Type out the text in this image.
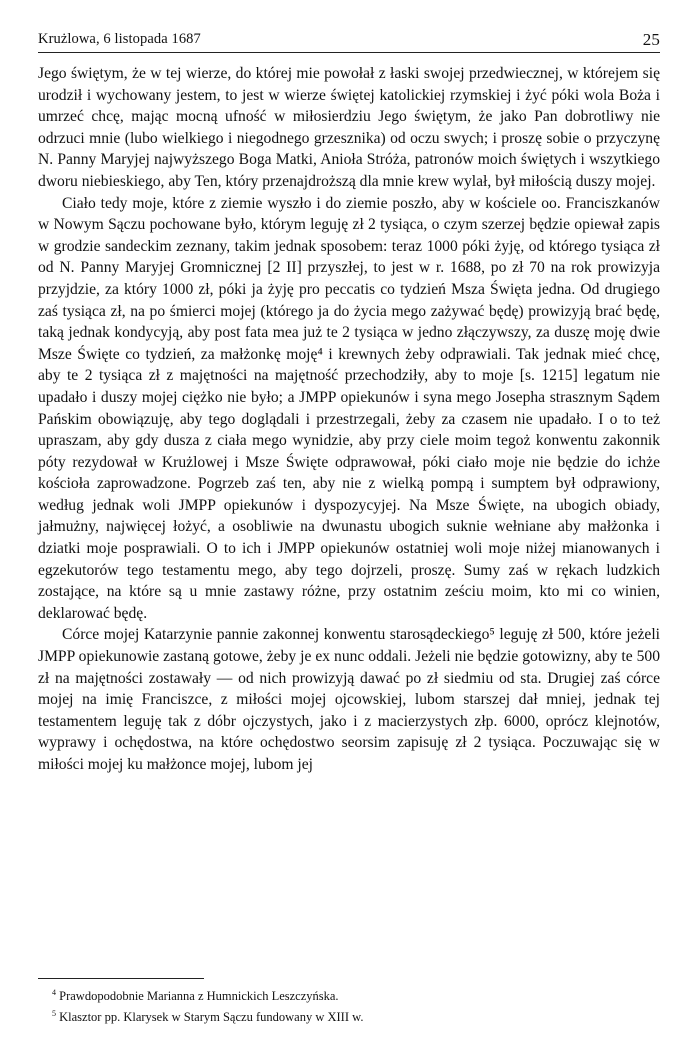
Krużlowa, 6 listopada 1687	25

Jego świętym, że w tej wierze, do której mie powołał z łaski swojej przedwiecznej, w którejem się urodził i wychowany jestem, to jest w wierze świętej katolickiej rzymskiej i żyć póki wola Boża i umrzeć chcę, mając mocną ufność w miłosierdziu Jego świętym, że jako Pan dobrotliwy nie odrzuci mnie (lubo wielkiego i niegodnego grzesznika) od oczu swych; i proszę sobie o przyczynę N. Panny Maryjej najwyższego Boga Matki, Anioła Stróża, patronów moich świętych i wszytkiego dworu niebieskiego, aby Ten, który przenajdroższą dla mnie krew wylał, był miłością duszy mojej.

Ciało tedy moje, które z ziemie wyszło i do ziemie poszło, aby w kościele oo. Franciszkanów w Nowym Sączu pochowane było, którym leguję zł 2 tysiąca, o czym szerzej będzie opiewał zapis w grodzie sandeckim zeznany, takim jednak sposobem: teraz 1000 póki żyję, od którego tysiąca zł od N. Panny Maryjej Gromnicznej [2 II] przyszłej, to jest w r. 1688, po zł 70 na rok prowizyja przyjdzie, za który 1000 zł, póki ja żyję pro peccatis co tydzień Msza Święta jedna. Od drugiego zaś tysiąca zł, na po śmierci mojej (którego ja do życia mego zażywać będę) prowizyją brać będę, taką jednak kondycyją, aby post fata mea już te 2 tysiąca w jedno złączywszy, za duszę moję dwie Msze Święte co tydzień, za małżonkę moję⁴ i krewnych żeby odprawiali. Tak jednak mieć chcę, aby te 2 tysiąca zł z majętności na majętność przechodziły, aby to moje [s. 1215] legatum nie upadało i duszy mojej ciężko nie było; a JMPP opiekunów i syna mego Josepha strasznym Sądem Pańskim obowiązuję, aby tego doglądali i przestrzegali, żeby za czasem nie upadało. I o to też upraszam, aby gdy dusza z ciała mego wynidzie, aby przy ciele moim tegoż konwentu zakonnik póty rezydował w Krużlowej i Msze Święte odprawował, póki ciało moje nie będzie do ichże kościoła zaprowadzone. Pogrzeb zaś ten, aby nie z wielką pompą i sumptem był odprawiony, według jednak woli JMPP opiekunów i dyspozycyjej. Na Msze Święte, na ubogich obiady, jałmużny, najwięcej łożyć, a osobliwie na dwunastu ubogich suknie wełniane aby małżonka i dziatki moje posprawiali. O to ich i JMPP opiekunów ostatniej woli moje niżej mianowanych i egzekutorów tego testamentu mego, aby tego dojrzeli, proszę. Sumy zaś w rękach ludzkich zostające, na które są u mnie zastawy różne, przy ostatnim ześciu moim, kto mi co winien, deklarować będę.

Córce mojej Katarzynie pannie zakonnej konwentu starosądeckiego⁵ leguję zł 500, które jeżeli JMPP opiekunowie zastaną gotowe, żeby je ex nunc oddali. Jeżeli nie będzie gotowizny, aby te 500 zł na majętności zostawały — od nich prowizyją dawać po zł siedmiu od sta. Drugiej zaś córce mojej na imię Franciszce, z miłości mojej ojcowskiej, lubom starszej dał mniej, jednak tej testamentem leguję tak z dóbr ojczystych, jako i z macierzystych złp. 6000, oprócz klejnotów, wyprawy i ochędostwa, na które ochędostwo seorsim zapisuję zł 2 tysiąca. Poczuwając się w miłości mojej ku małżonce mojej, lubom jej

$^4$ Prawdopodobnie Marianna z Humnickich Leszczyńska.

$^5$ Klasztor pp. Klarysek w Starym Sączu fundowany w XIII w.
